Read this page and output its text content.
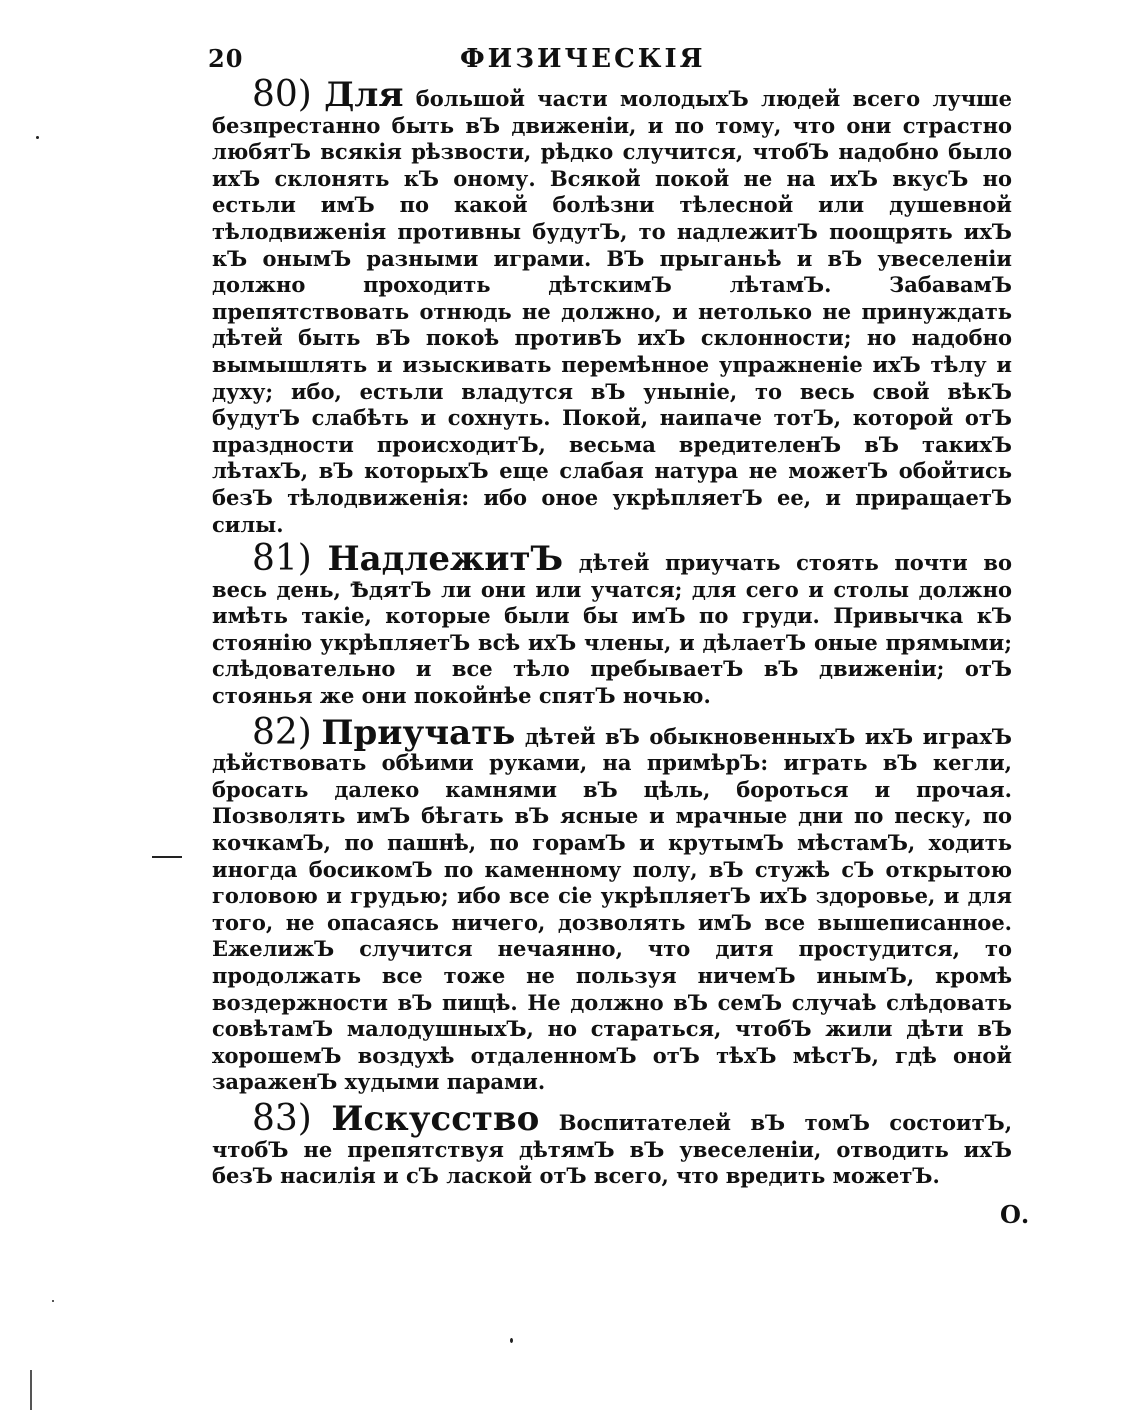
20	ФИЗИЧЕСКІЯ

80) Для большой части молодыхЪ людей всего лучше безпрестанно быть вЪ движеніи, и по тому, что они страстно любятЪ всякія рѣзвости, рѣдко случится, чтобЪ надобно было ихЪ склонять кЪ оному. Всякой покой не на ихЪ вкусЪ но естьли имЪ по какой болѣзни тѣлесной или душевной тѣлодвиженія противны будутЪ, то надлежитЪ поощрять ихЪ кЪ онымЪ разными играми. ВЪ прыганьѣ и вЪ увеселеніи должно проходить дѣтскимЪ лѣтамЪ. ЗабавамЪ препятствовать отнюдь не должно, и нетолько не принуждать дѣтей быть вЪ покоѣ противЪ ихЪ склонности; но надобно вымышлять и изыскивать перемѣнное упражненіе ихЪ тѣлу и духу; ибо, естьли владутся вЪ уныніе, то весь свой вѣкЪ будутЪ слабѣть и сохнуть. Покой, наипаче тотЪ, которой отЪ праздности происходитЪ, весьма вредителенЪ вЪ такихЪ лѣтахЪ, вЪ которыхЪ еще слабая натура не можетЪ обойтись безЪ тѣлодвиженія: ибо оное укрѣпляетЪ ее, и приращаетЪ силы.

81) НадлежитЪ дѣтей приучать стоять почти во весь день, ѢдятЪ ли они или учатся; для сего и столы должно имѣть такіе, которые были бы имЪ по груди. Привычка кЪ стоянію укрѣпляетЪ всѣ ихЪ члены, и дѣлаетЪ оные прямыми; слѣдовательно и все тѣло пребываетЪ вЪ движеніи; отЪ стоянья же они покойнѣе спятЪ ночью.

82) Приучать дѣтей вЪ обыкновенныхЪ ихЪ играхЪ дѣйствовать обѣими руками, на примѣрЪ: играть вЪ кегли, бросать далеко камнями вЪ цѣль, бороться и прочая. Позволять имЪ бѣгать вЪ ясные и мрачные дни по песку, по кочкамЪ, по пашнѣ, по горамЪ и крутымЪ мѣстамЪ, ходить иногда босикомЪ по каменному полу, вЪ стужѣ сЪ открытою головою и грудью; ибо все сіе укрѣпляетЪ ихЪ здоровье, и для того, не опасаясь ничего, дозволять имЪ все вышеписанное. ЕжелижЪ случится нечаянно, что дитя простудится, то продолжать все тоже не пользуя ничемЪ инымЪ, кромѣ воздержности вЪ пищѣ. Не должно вЪ семЪ случаѣ слѣдовать совѣтамЪ малодушныхЪ, но стараться, чтобЪ жили дѣти вЪ хорошемЪ воздухѣ отдаленномЪ отЪ тѣхЪ мѣстЪ, гдѣ оной зараженЪ худыми парами.

83) Искусство Воспитателей вЪ томЪ состоитЪ, чтобЪ не препятствуя дѣтямЪ вЪ увеселеніи, отводить ихЪ безЪ насилія и сЪ лаской отЪ всего, что вредить можетЪ.

О.
